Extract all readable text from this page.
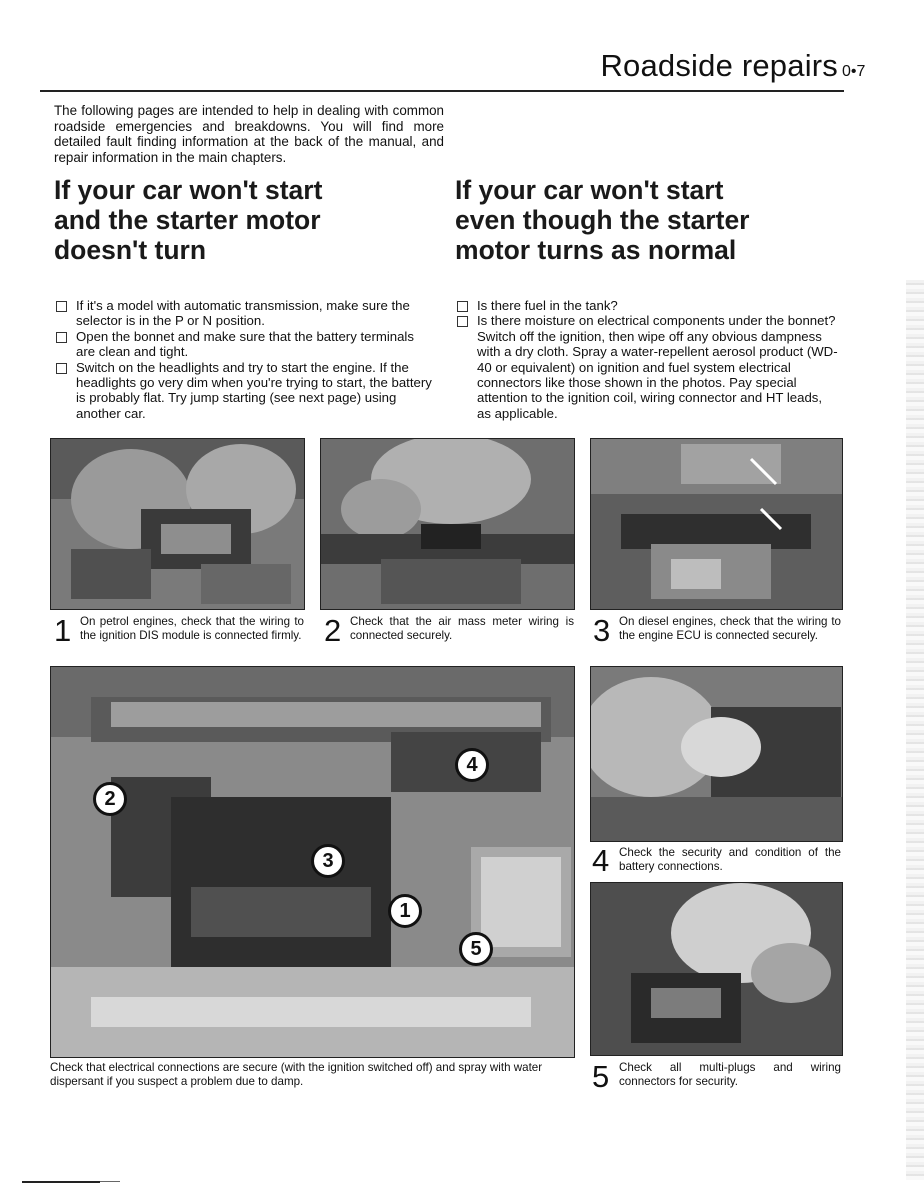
Roadside repairs 0•7
The following pages are intended to help in dealing with common roadside emergencies and breakdowns. You will find more detailed fault finding information at the back of the manual, and repair information in the main chapters.
If your car won't start
and the starter motor
doesn't turn
If your car won't start
even though the starter
motor turns as normal
If it's a model with automatic transmission, make sure the selector is in the P or N position.
Open the bonnet and make sure that the battery terminals are clean and tight.
Switch on the headlights and try to start the engine. If the headlights go very dim when you're trying to start, the battery is probably flat. Try jump starting (see next page) using another car.
Is there fuel in the tank?
Is there moisture on electrical components under the bonnet? Switch off the ignition, then wipe off any obvious dampness with a dry cloth. Spray a water-repellent aerosol product (WD-40 or equivalent) on ignition and fuel system electrical connectors like those shown in the photos. Pay special attention to the ignition coil, wiring connector and HT leads, as applicable.
1 On petrol engines, check that the wiring to the ignition DIS module is connected firmly. 2 Check that the air mass meter wiring is connected securely.	3 On diesel engines, check that the wiring to the engine ECU is connected securely.
4
2
3
1
5
Check that electrical connections are secure (with the ignition switched off) and spray with water dispersant if you suspect a problem due to damp.
4 Check the security and condition of the battery connections.
5 Check all multi-plugs and wiring connectors for security.
